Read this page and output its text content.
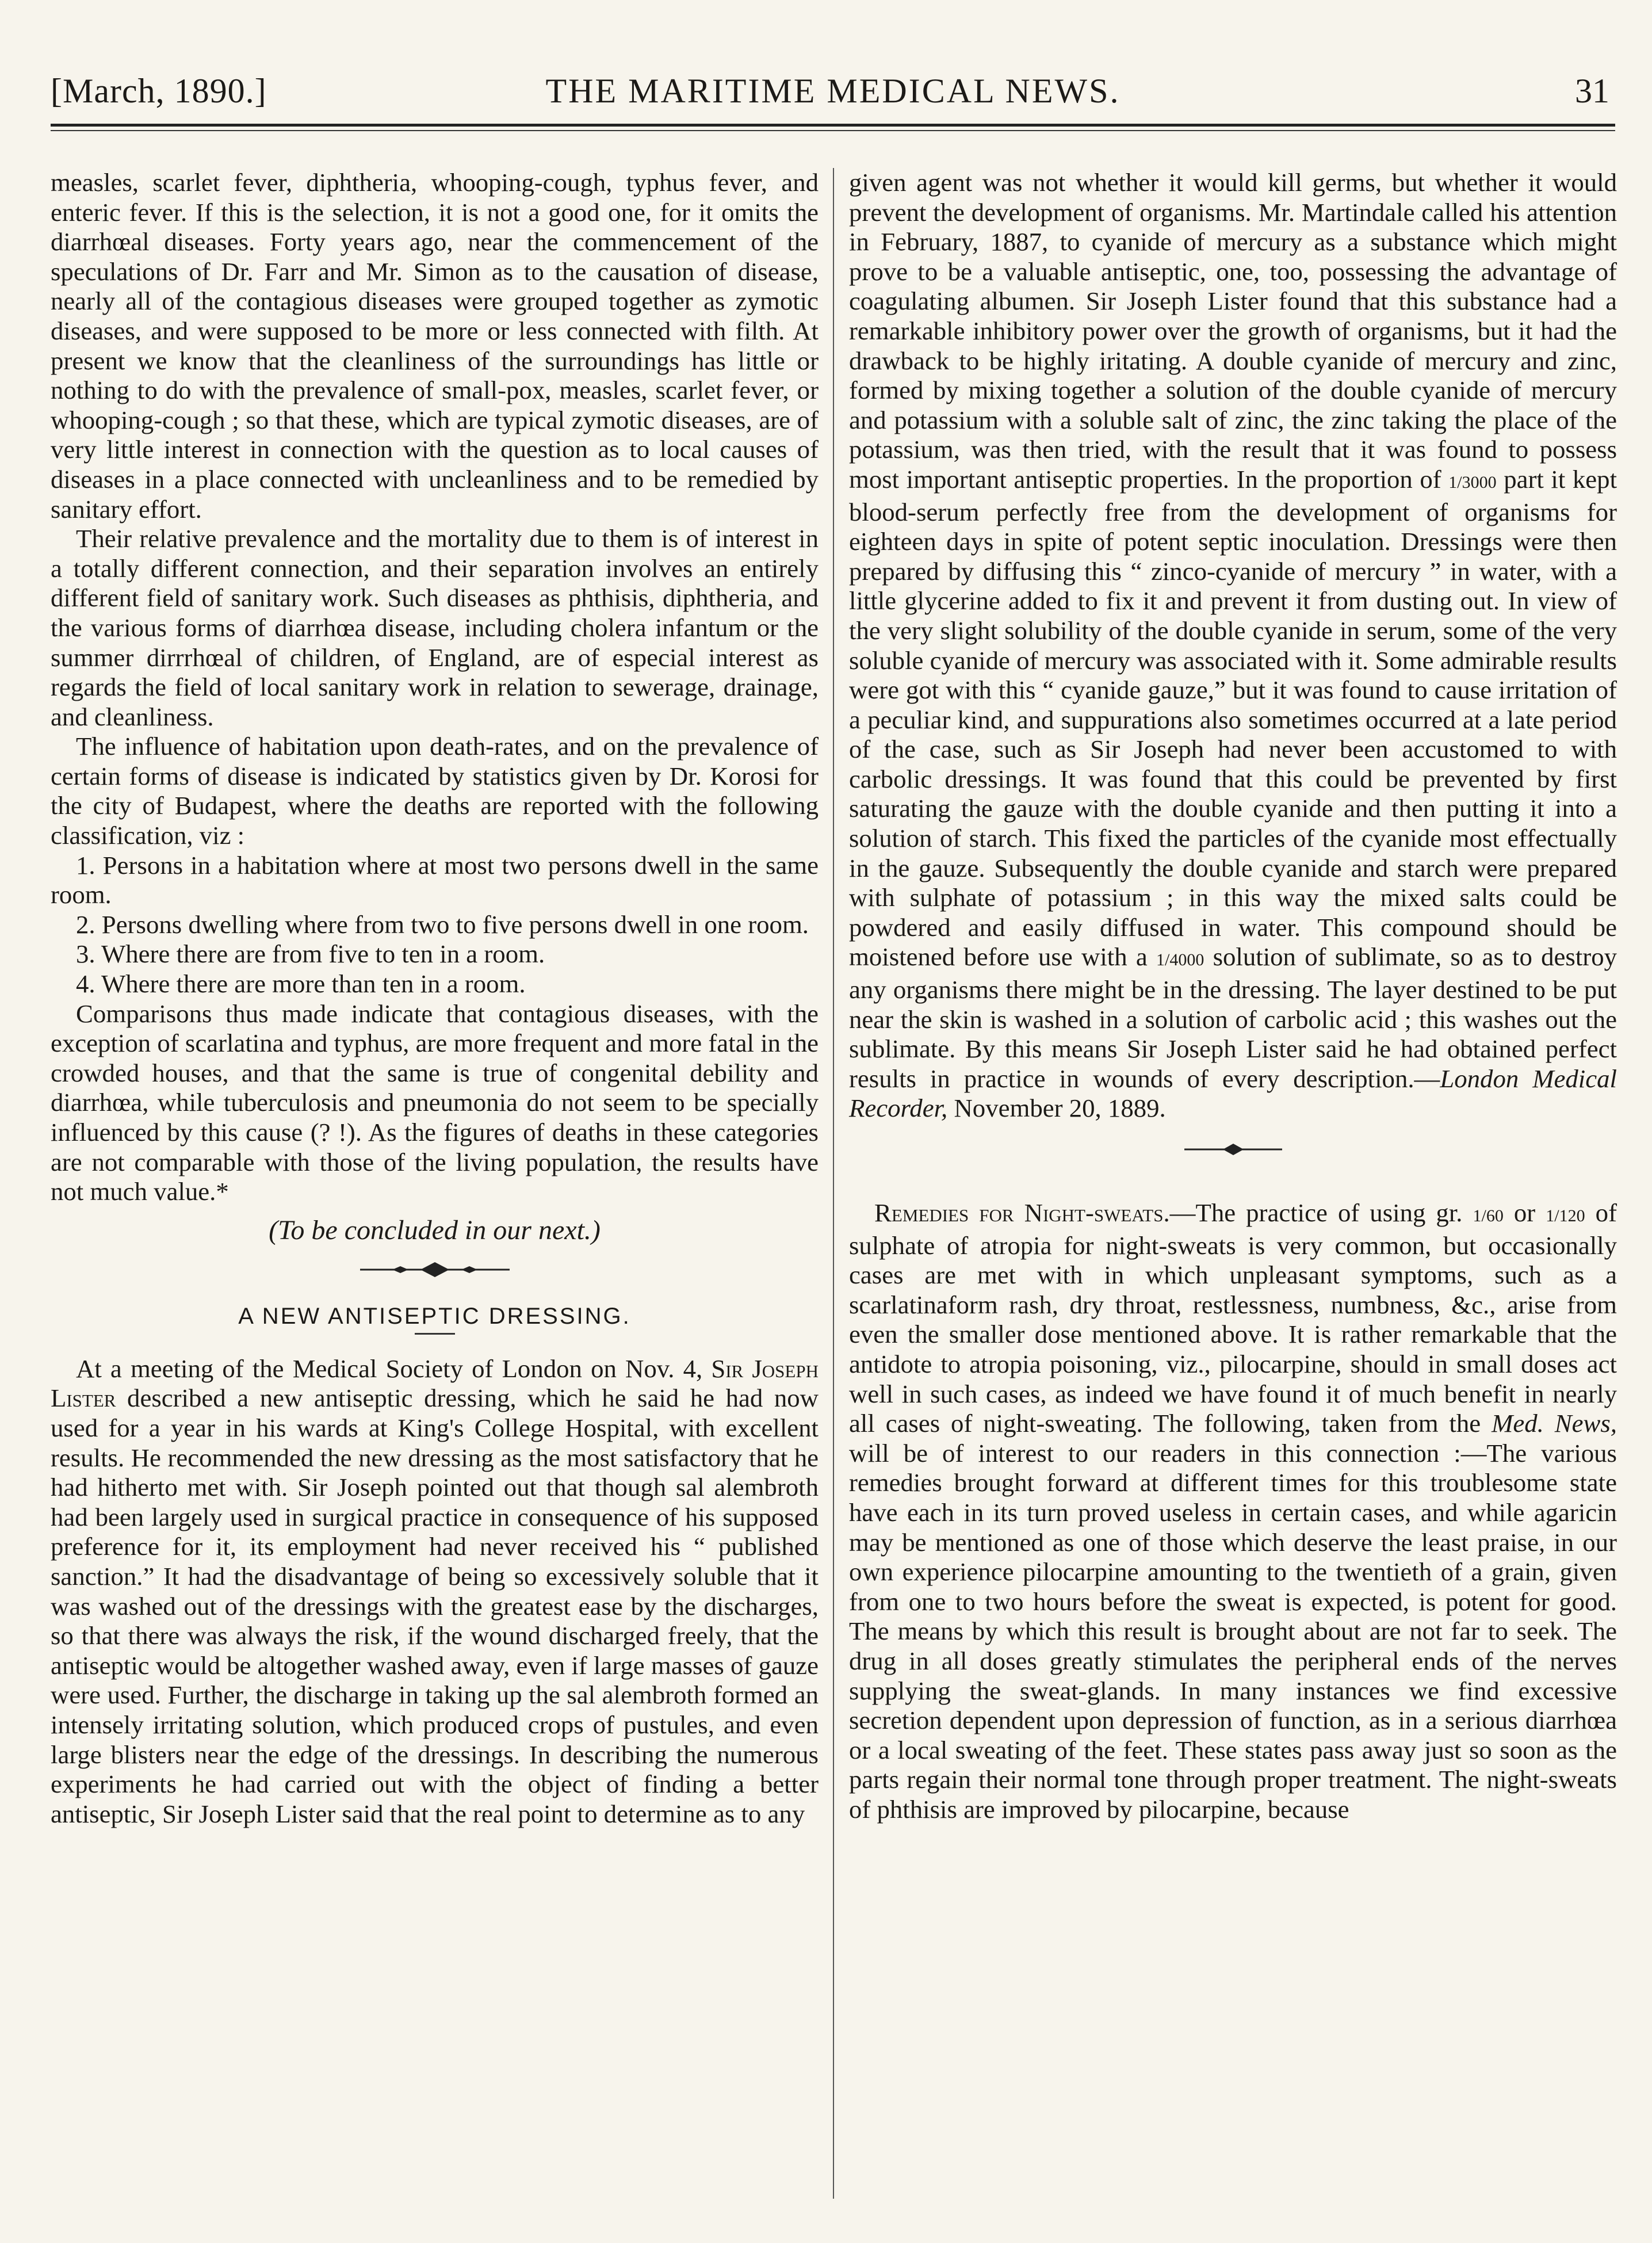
[March, 1890.]	THE MARITIME MEDICAL NEWS.	31

measles, scarlet fever, diphtheria, whooping-cough, typhus fever, and enteric fever. If this is the selection, it is not a good one, for it omits the diarrhœal diseases. Forty years ago, near the commencement of the speculations of Dr. Farr and Mr. Simon as to the causation of disease, nearly all of the contagious diseases were grouped together as zymotic diseases, and were supposed to be more or less connected with filth. At present we know that the cleanliness of the surroundings has little or nothing to do with the prevalence of small-pox, measles, scarlet fever, or whooping-cough ; so that these, which are typical zymotic diseases, are of very little interest in connection with the question as to local causes of diseases in a place connected with uncleanliness and to be remedied by sanitary effort.

Their relative prevalence and the mortality due to them is of interest in a totally different connection, and their separation involves an entirely different field of sanitary work. Such diseases as phthisis, diphtheria, and the various forms of diarrhœa disease, including cholera infantum or the summer dirrrhœal of children, of England, are of especial interest as regards the field of local sanitary work in relation to sewerage, drainage, and cleanliness.

The influence of habitation upon death-rates, and on the prevalence of certain forms of disease is indicated by statistics given by Dr. Korosi for the city of Budapest, where the deaths are reported with the following classification, viz :

1. Persons in a habitation where at most two persons dwell in the same room.

2. Persons dwelling where from two to five persons dwell in one room.

3. Where there are from five to ten in a room.

4. Where there are more than ten in a room.

Comparisons thus made indicate that contagious diseases, with the exception of scarlatina and typhus, are more frequent and more fatal in the crowded houses, and that the same is true of congenital debility and diarrhœa, while tuberculosis and pneumonia do not seem to be specially influenced by this cause (? !). As the figures of deaths in these categories are not comparable with those of the living population, the results have not much value.*

(To be concluded in our next.)
A NEW ANTISEPTIC DRESSING.

At a meeting of the Medical Society of London on Nov. 4, Sir Joseph Lister described a new antiseptic dressing, which he said he had now used for a year in his wards at King's College Hospital, with excellent results. He recommended the new dressing as the most satisfactory that he had hitherto met with. Sir Joseph pointed out that though sal alembroth had been largely used in surgical practice in consequence of his supposed preference for it, its employment had never received his “ published sanction.” It had the disadvantage of being so excessively soluble that it was washed out of the dressings with the greatest ease by the discharges, so that there was always the risk, if the wound discharged freely, that the antiseptic would be altogether washed away, even if large masses of gauze were used. Further, the discharge in taking up the sal alembroth formed an intensely irritating solution, which produced crops of pustules, and even large blisters near the edge of the dressings. In describing the numerous experiments he had carried out with the object of finding a better antiseptic, Sir Joseph Lister said that the real point to determine as to any

given agent was not whether it would kill germs, but whether it would prevent the development of organisms. Mr. Martindale called his attention in February, 1887, to cyanide of mercury as a substance which might prove to be a valuable antiseptic, one, too, possessing the advantage of coagulating albumen. Sir Joseph Lister found that this substance had a remarkable inhibitory power over the growth of organisms, but it had the drawback to be highly iritating. A double cyanide of mercury and zinc, formed by mixing together a solution of the double cyanide of mercury and potassium with a soluble salt of zinc, the zinc taking the place of the potassium, was then tried, with the result that it was found to possess most important antiseptic properties. In the proportion of 1/3000 part it kept blood-serum perfectly free from the development of organisms for eighteen days in spite of potent septic inoculation. Dressings were then prepared by diffusing this “ zinco-cyanide of mercury ” in water, with a little glycerine added to fix it and prevent it from dusting out. In view of the very slight solubility of the double cyanide in serum, some of the very soluble cyanide of mercury was associated with it. Some admirable results were got with this “ cyanide gauze,” but it was found to cause irritation of a peculiar kind, and suppurations also sometimes occurred at a late period of the case, such as Sir Joseph had never been accustomed to with carbolic dressings. It was found that this could be prevented by first saturating the gauze with the double cyanide and then putting it into a solution of starch. This fixed the particles of the cyanide most effectually in the gauze. Subsequently the double cyanide and starch were prepared with sulphate of potassium ; in this way the mixed salts could be powdered and easily diffused in water. This compound should be moistened before use with a 1/4000 solution of sublimate, so as to destroy any organisms there might be in the dressing. The layer destined to be put near the skin is washed in a solution of carbolic acid ; this washes out the sublimate. By this means Sir Joseph Lister said he had obtained perfect results in practice in wounds of every description.—London Medical Recorder, November 20, 1889.

Remedies for Night-sweats.—The practice of using gr. 1/60 or 1/120 of sulphate of atropia for night-sweats is very common, but occasionally cases are met with in which unpleasant symptoms, such as a scarlatinaform rash, dry throat, restlessness, numbness, &c., arise from even the smaller dose mentioned above. It is rather remarkable that the antidote to atropia poisoning, viz., pilocarpine, should in small doses act well in such cases, as indeed we have found it of much benefit in nearly all cases of night-sweating. The following, taken from the Med. News, will be of interest to our readers in this connection :—The various remedies brought forward at different times for this troublesome state have each in its turn proved useless in certain cases, and while agaricin may be mentioned as one of those which deserve the least praise, in our own experience pilocarpine amounting to the twentieth of a grain, given from one to two hours before the sweat is expected, is potent for good. The means by which this result is brought about are not far to seek. The drug in all doses greatly stimulates the peripheral ends of the nerves supplying the sweat-glands. In many instances we find excessive secretion dependent upon depression of function, as in a serious diarrhœa or a local sweating of the feet. These states pass away just so soon as the parts regain their normal tone through proper treatment. The night-sweats of phthisis are improved by pilocarpine, because
